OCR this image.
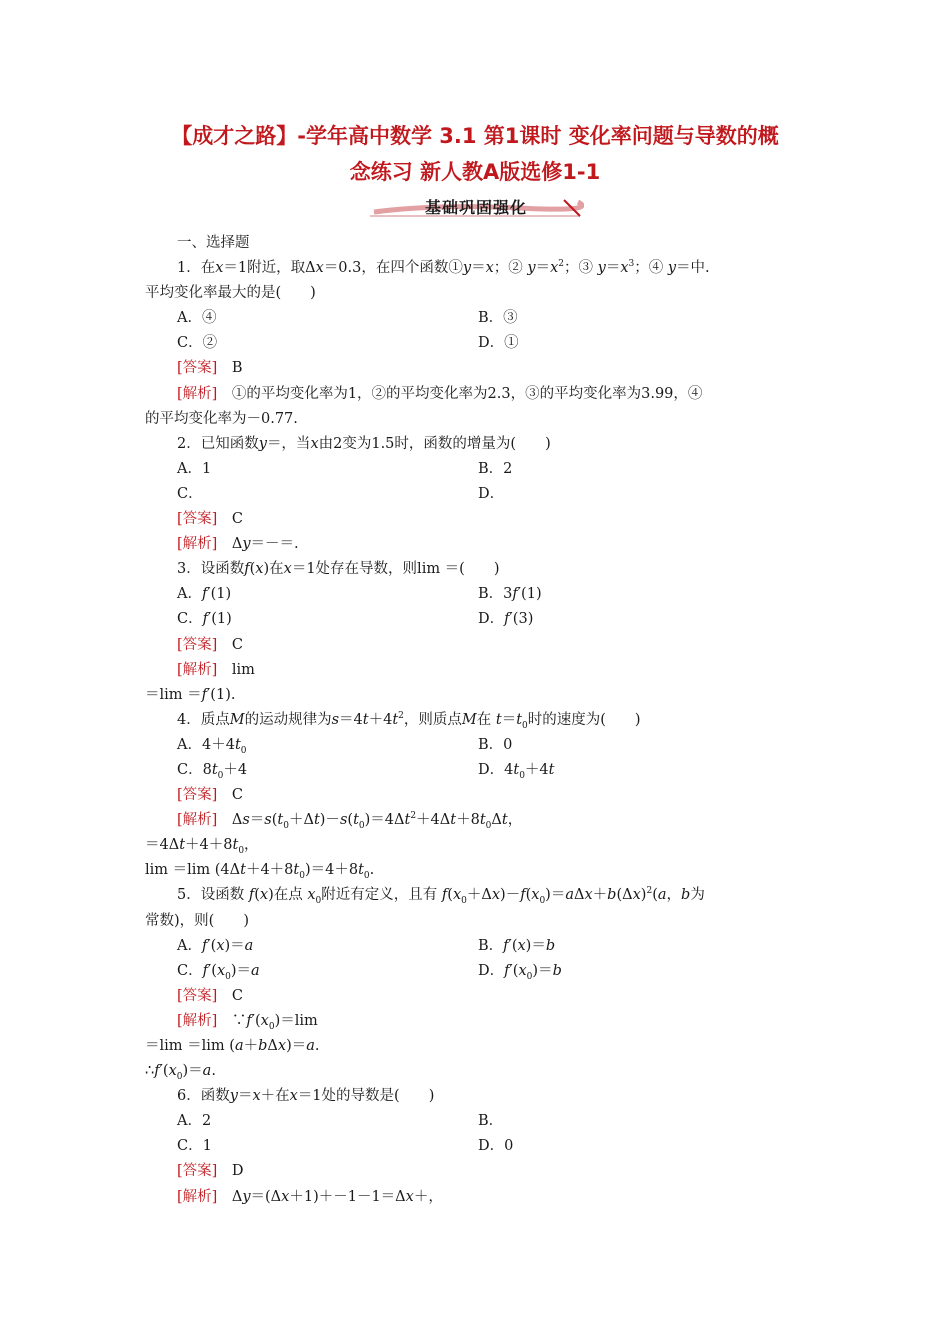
【成才之路】-学年高中数学 3.1 第1课时 变化率问题与导数的概
念练习 新人教A版选修1-1
基础巩固强化
一、选择题
1．在x＝1附近，取Δx＝0.3，在四个函数①y＝x；② $y=x^2$；③ $y=x^3$；④ y＝中.
平均变化率最大的是(　　)
A．④	B．③
C．②	D．①
[答案]　 B
[解析]　 ①的平均变化率为1，②的平均变化率为2.3，③的平均变化率为3.99，④
的平均变化率为－0.77.
2．已知函数y＝，当x由2变为1.5时，函数的增量为(　　)
A．1	B．2
C．	D．
[答案]　 C
[解析]　 Δy＝－＝.
3．设函数f(x)在x＝1处存在导数，则lim ＝(　　)
A．f′(1)	B．3f′(1)
C．f′(1)	D．f′(3)
[答案]　 C
[解析]　 lim
＝lim ＝f′(1).
4．质点M的运动规律为$s=4t+4t^2$，则质点M在 $t=t_0$时的速度为(　　)
A．$4+4t_0$	B．0
C．$8t_0+4$	D．$4t_0+4t$
[答案]　 C
[解析]　 $\Delta s=s(t_0+\Delta t)-s(t_0)=4\Delta t^2+4\Delta t+8t_0\Delta t$，
$=4\Delta t+4+8t_0$，
lim ＝lim $(4\Delta t+4+8t_0)=4+8t_0$.
5．设函数 f(x)在点 $x_0$附近有定义，且有 $f(x_0+\Delta x)-f(x_0)=a\Delta x+b(\Delta x)^2(a$，b为
常数)，则(　　)
A．f′(x)＝a	B．f′(x)＝b
C．$f'(x_0)=a$	D．$f'(x_0)=b$
[答案]　 C
[解析]　 $\because f'(x_0)=\lim$
＝lim ＝lim (a＋bΔx)＝a.
$\therefore f'(x_0)=a$.
6．函数y＝x＋在x＝1处的导数是(　　)
A．2	B．
C．1	D．0
[答案]　 D
[解析]　 Δy＝(Δx＋1)＋－1－1＝Δx＋，
